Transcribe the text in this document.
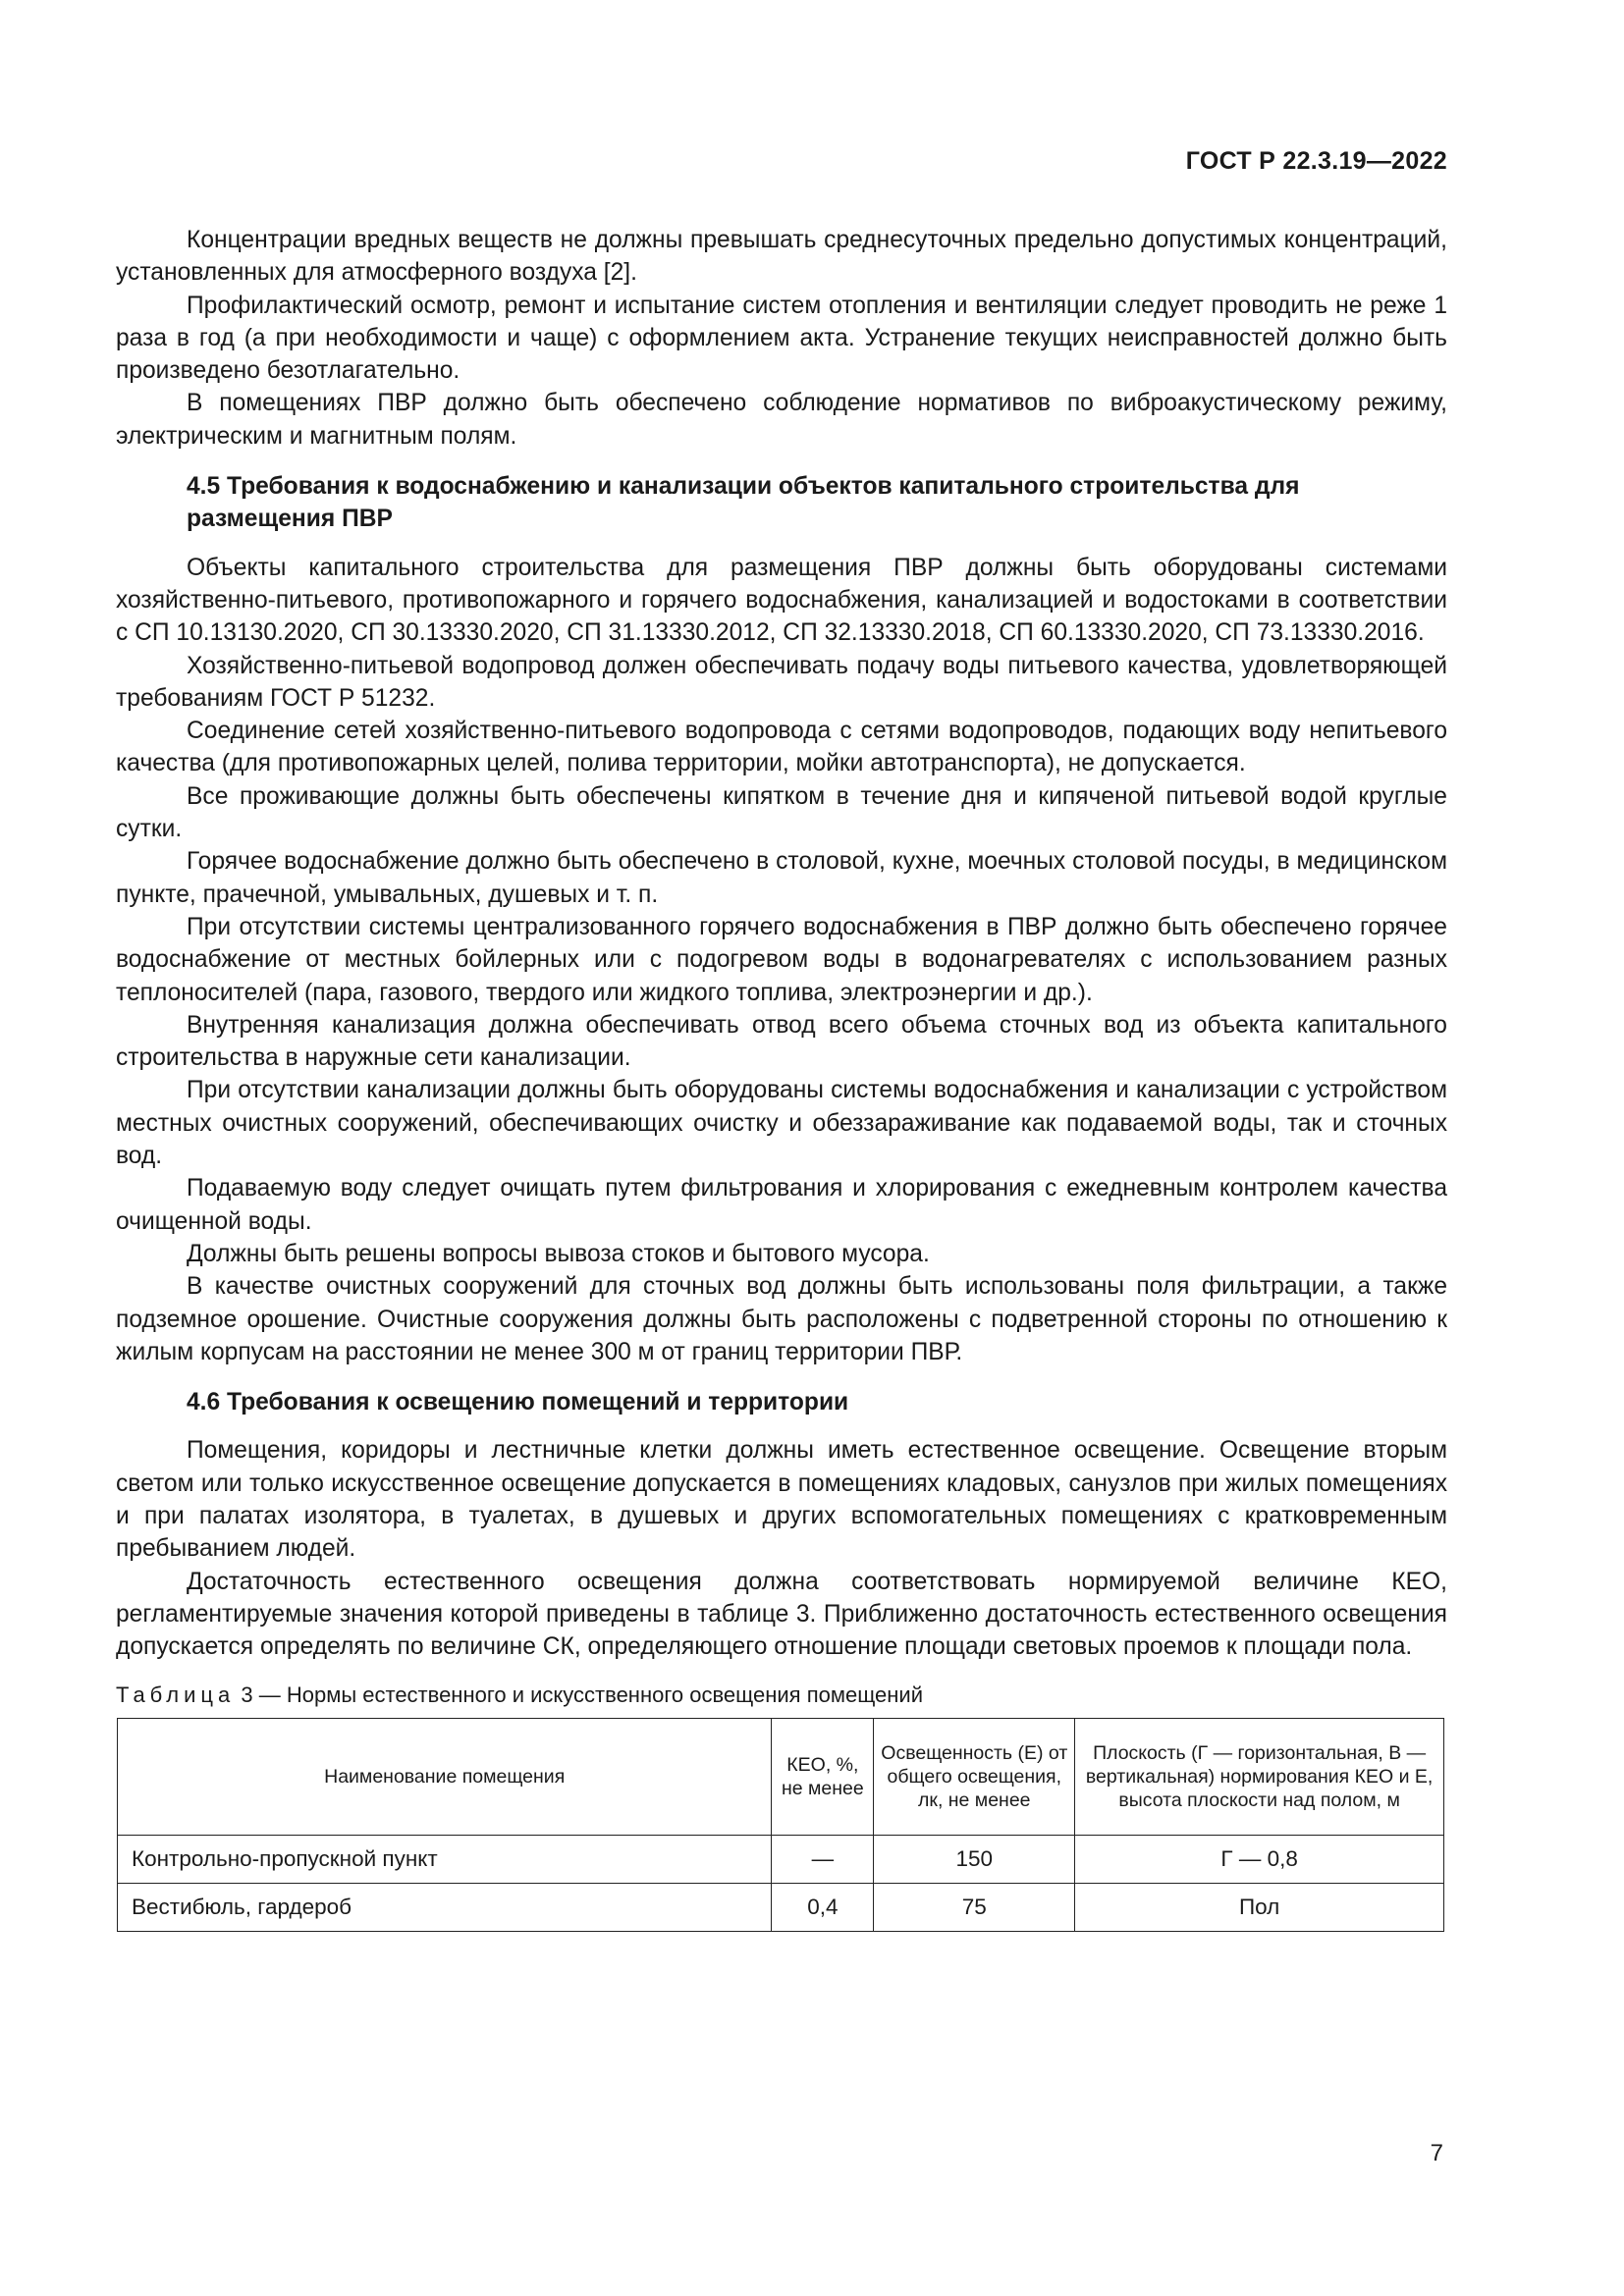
ГОСТ Р 22.3.19—2022

Концентрации вредных веществ не должны превышать среднесуточных предельно допустимых концентраций, установленных для атмосферного воздуха [2].

Профилактический осмотр, ремонт и испытание систем отопления и вентиляции следует проводить не реже 1 раза в год (а при необходимости и чаще) с оформлением акта. Устранение текущих неисправностей должно быть произведено безотлагательно.

В помещениях ПВР должно быть обеспечено соблюдение нормативов по виброакустическому режиму, электрическим и магнитным полям.

4.5 Требования к водоснабжению и канализации объектов капитального строительства для размещения ПВР

Объекты капитального строительства для размещения ПВР должны быть оборудованы системами хозяйственно-питьевого, противопожарного и горячего водоснабжения, канализацией и водостоками в соответствии с СП 10.13130.2020, СП 30.13330.2020, СП 31.13330.2012, СП 32.13330.2018, СП 60.13330.2020, СП 73.13330.2016.

Хозяйственно-питьевой водопровод должен обеспечивать подачу воды питьевого качества, удовлетворяющей требованиям ГОСТ Р 51232.

Соединение сетей хозяйственно-питьевого водопровода с сетями водопроводов, подающих воду непитьевого качества (для противопожарных целей, полива территории, мойки автотранспорта), не допускается.

Все проживающие должны быть обеспечены кипятком в течение дня и кипяченой питьевой водой круглые сутки.

Горячее водоснабжение должно быть обеспечено в столовой, кухне, моечных столовой посуды, в медицинском пункте, прачечной, умывальных, душевых и т. п.

При отсутствии системы централизованного горячего водоснабжения в ПВР должно быть обеспечено горячее водоснабжение от местных бойлерных или с подогревом воды в водонагревателях с использованием разных теплоносителей (пара, газового, твердого или жидкого топлива, электроэнергии и др.).

Внутренняя канализация должна обеспечивать отвод всего объема сточных вод из объекта капитального строительства в наружные сети канализации.

При отсутствии канализации должны быть оборудованы системы водоснабжения и канализации с устройством местных очистных сооружений, обеспечивающих очистку и обеззараживание как подаваемой воды, так и сточных вод.

Подаваемую воду следует очищать путем фильтрования и хлорирования с ежедневным контролем качества очищенной воды.

Должны быть решены вопросы вывоза стоков и бытового мусора.

В качестве очистных сооружений для сточных вод должны быть использованы поля фильтрации, а также подземное орошение. Очистные сооружения должны быть расположены с подветренной стороны по отношению к жилым корпусам на расстоянии не менее 300 м от границ территории ПВР.

4.6 Требования к освещению помещений и территории

Помещения, коридоры и лестничные клетки должны иметь естественное освещение. Освещение вторым светом или только искусственное освещение допускается в помещениях кладовых, санузлов при жилых помещениях и при палатах изолятора, в туалетах, в душевых и других вспомогательных помещениях с кратковременным пребыванием людей.

Достаточность естественного освещения должна соответствовать нормируемой величине КЕО, регламентируемые значения которой приведены в таблице 3. Приближенно достаточность естественного освещения допускается определять по величине СК, определяющего отношение площади световых проемов к площади пола.

Таблица 3 — Нормы естественного и искусственного освещения помещений

Наименование помещения	КЕО, %, не менее	Освещенность (Е) от общего освещения, лк, не менее	Плоскость (Г — горизонтальная, В — вертикальная) нормирования КЕО и Е, высота плоскости над полом, м
Контрольно-пропускной пункт	—	150	Г — 0,8
Вестибюль, гардероб	0,4	75	Пол
7
